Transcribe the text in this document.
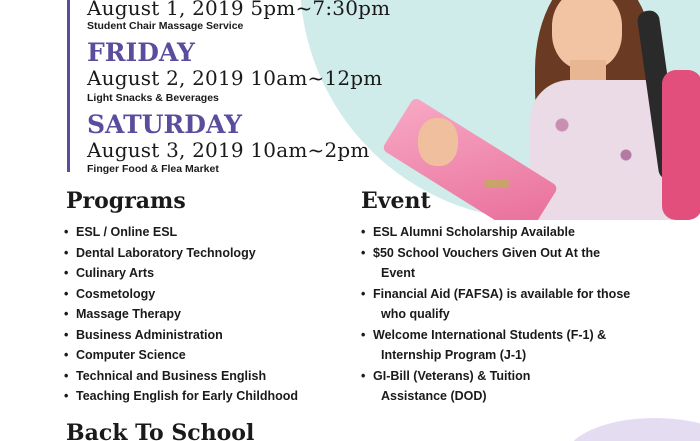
August 1, 2019 5pm~7:30pm
Student Chair Massage Service
FRIDAY
August 2, 2019 10am~12pm
Light Snacks & Beverages
SATURDAY
August 3, 2019 10am~2pm
Finger Food & Flea Market
Programs
• ESL / Online ESL
• Dental Laboratory Technology
• Culinary Arts
• Cosmetology
• Massage Therapy
• Business Administration
• Computer Science
• Technical and Business English
• Teaching English for Early Childhood
Event
• ESL Alumni Scholarship Available
• $50 School Vouchers Given Out At the
Event
• Financial Aid (FAFSA) is available for those
who qualify
• Welcome International Students (F-1) &
Internship Program (J-1)
• GI-Bill (Veterans) & Tuition
Assistance (DOD)
Back To School
